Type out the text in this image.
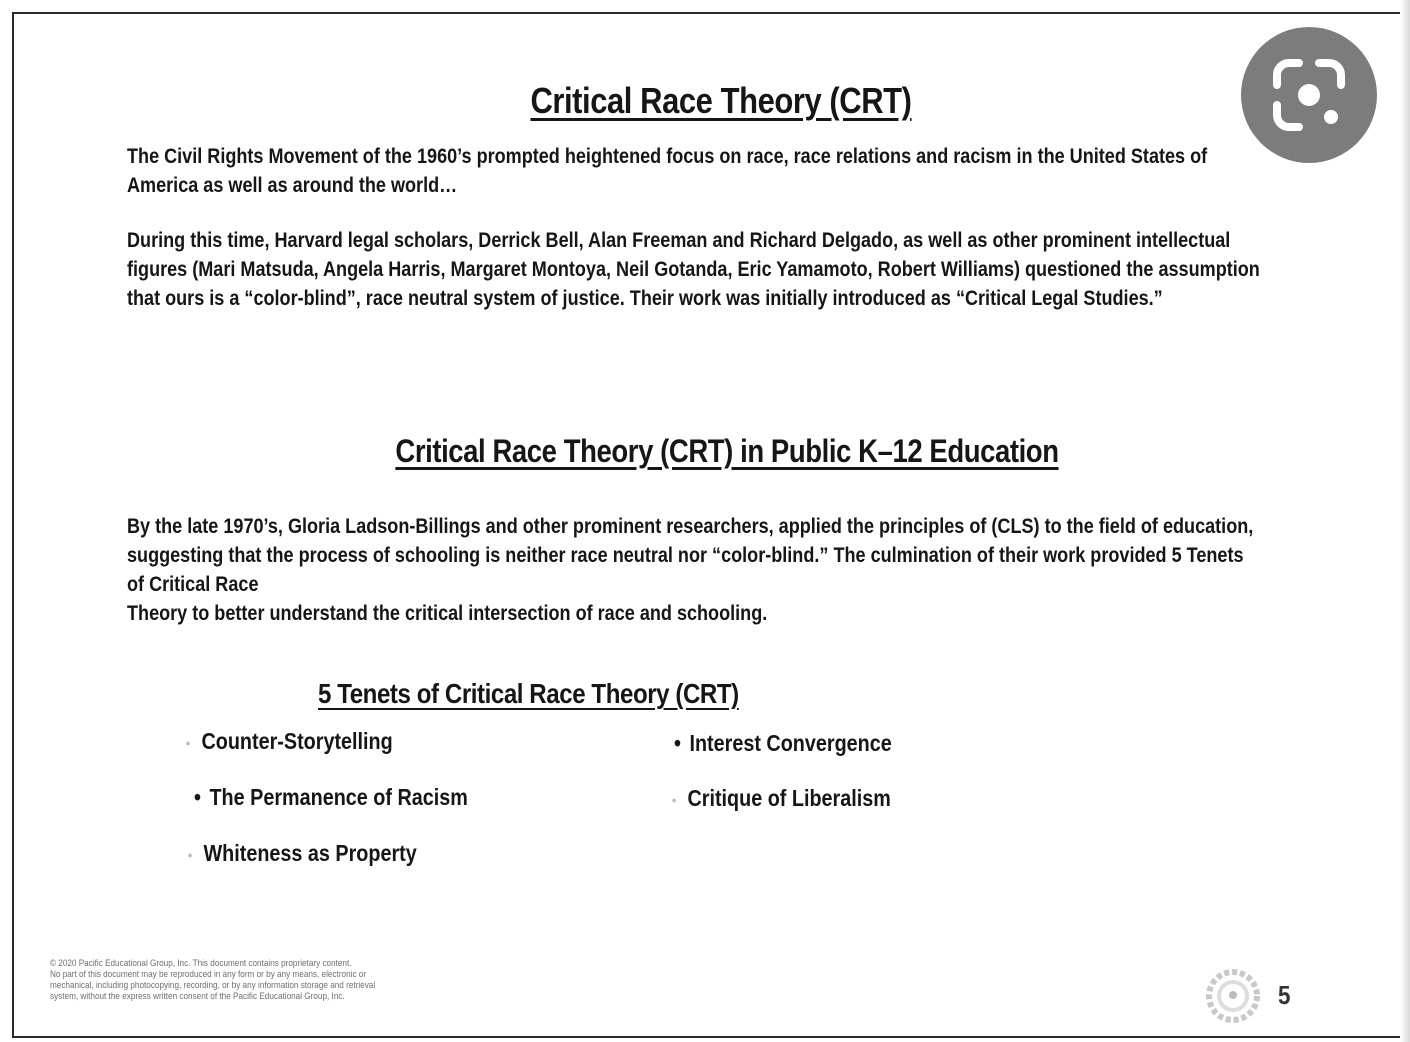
Critical Race Theory (CRT)

The Civil Rights Movement of the 1960’s prompted heightened focus on race, race relations and racism in the United States of

America as well as around the world…

During this time, Harvard legal scholars, Derrick Bell, Alan Freeman and Richard Delgado, as well as other prominent intellectual

figures (Mari Matsuda, Angela Harris, Margaret Montoya, Neil Gotanda, Eric Yamamoto, Robert Williams) questioned the assumption

that ours is a “color-blind”, race neutral system of justice. Their work was initially introduced as “Critical Legal Studies.”

Critical Race Theory (CRT) in Public K–12 Education

By the late 1970’s, Gloria Ladson-Billings and other prominent researchers, applied the principles of (CLS) to the field of education,

suggesting that the process of schooling is neither race neutral nor “color-blind.” The culmination of their work provided 5 Tenets

of Critical Race

Theory to better understand the critical intersection of race and schooling.

5 Tenets of Critical Race Theory (CRT)
• Counter-Storytelling
• The Permanence of Racism
• Whiteness as Property
• Interest Convergence
• Critique of Liberalism

© 2020 Pacific Educational Group, Inc. This document contains proprietary content.

No part of this document may be reproduced in any form or by any means, electronic or

mechanical, including photocopying, recording, or by any information storage and retrieval

system, without the express written consent of the Pacific Educational Group, Inc.	5
